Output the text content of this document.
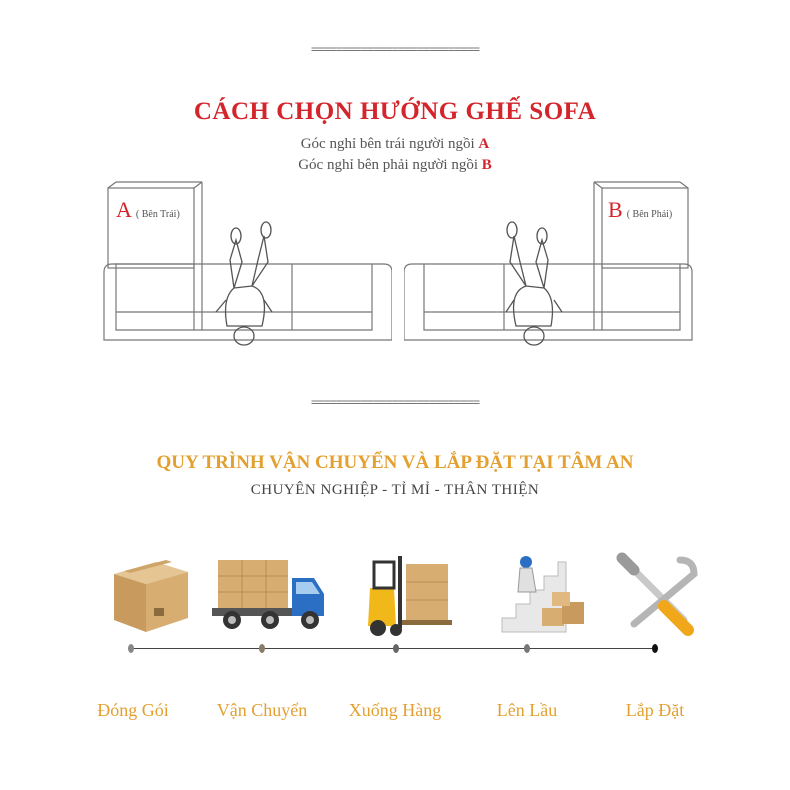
===========================
CÁCH CHỌN HƯỚNG GHẾ SOFA
Góc nghỉ bên trái người ngồi A
Góc nghỉ bên phải người ngồi B
A ( Bên Trái)	B ( Bên Phải)
===========================
QUY TRÌNH VẬN CHUYỂN VÀ LẮP ĐẶT TẠI TÂM AN
CHUYÊN NGHIỆP - TỈ MỈ - THÂN THIỆN
Đóng Gói	Vận Chuyển	Xuống Hàng	Lên Lầu	Lắp Đặt
